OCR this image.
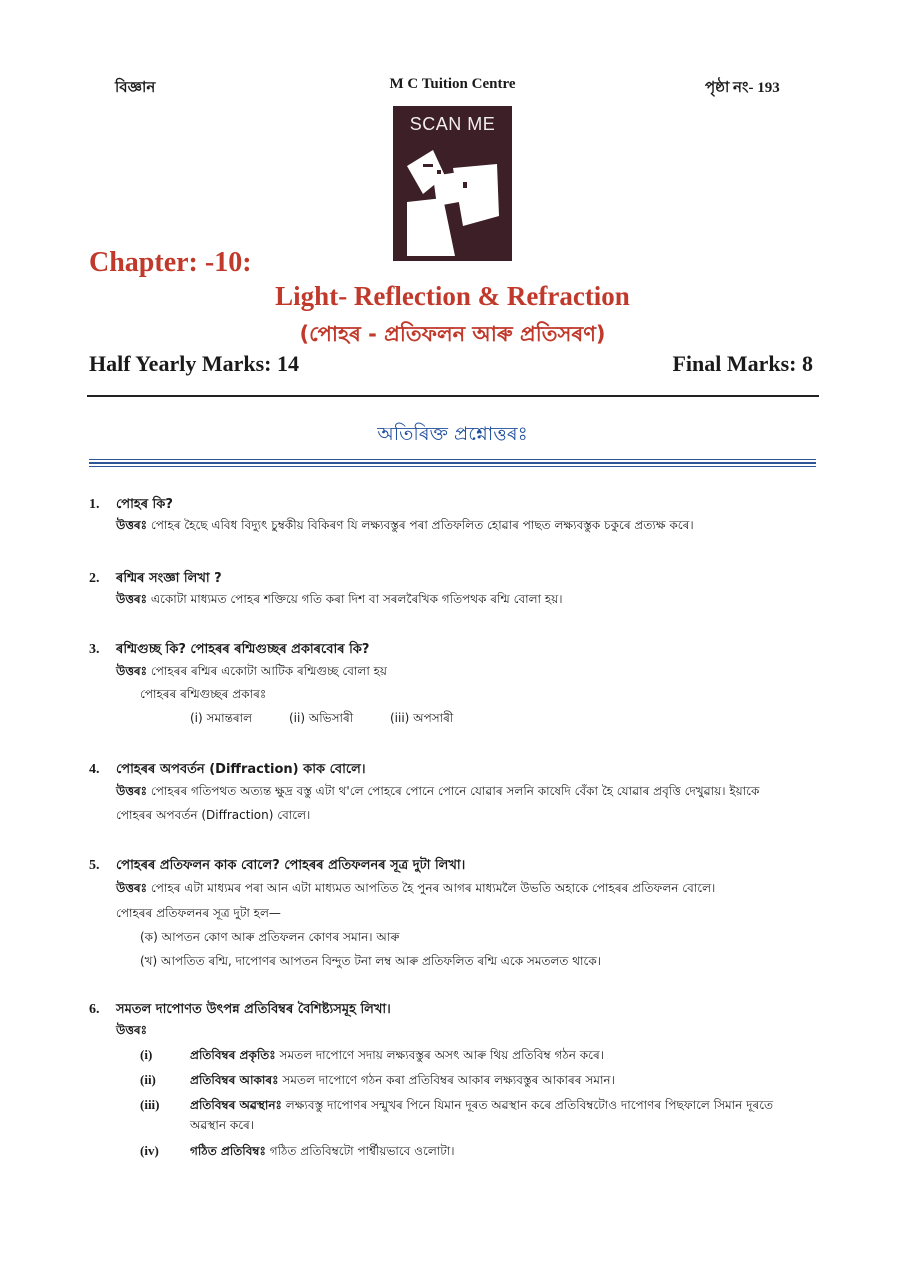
বিজ্ঞান	M C Tuition Centre	পৃষ্ঠা নং- 193
SCAN ME
Chapter: -10:
Light- Reflection & Refraction
(পোহৰ - প্ৰতিফলন আৰু প্ৰতিসৰণ)
Half Yearly Marks: 14	Final Marks: 8
অতিৰিক্ত প্ৰশ্নোত্তৰঃ
1. পোহৰ কি?
উত্তৰঃ পোহৰ হৈছে এবিধ বিদ্যুৎ চুম্বকীয় বিকিৰণ যি লক্ষ্যবস্তুৰ পৰা প্ৰতিফলিত হোৱাৰ পাছত লক্ষ্যবস্তুক চকুৰে প্ৰত্যক্ষ কৰে।
2. ৰশ্মিৰ সংজ্ঞা লিখা ?
উত্তৰঃ একোটা মাধ্যমত পোহৰ শক্তিয়ে গতি কৰা দিশ বা সৰলৰৈখিক গতিপথক ৰশ্মি বোলা হয়।
3. ৰশ্মিগুচ্ছ কি? পোহৰৰ ৰশ্মিগুচ্ছৰ প্ৰকাৰবোৰ কি?
উত্তৰঃ পোহৰৰ ৰশ্মিৰ একোটা আটিক ৰশ্মিগুচ্ছ বোলা হয়
পোহৰৰ ৰশ্মিগুচ্ছৰ প্ৰকাৰঃ
(i) সমান্তৰাল	(ii) অভিসাৰী	(iii) অপসাৰী
4. পোহৰৰ অপবৰ্তন (Diffraction) কাক বোলে।
উত্তৰঃ পোহৰৰ গতিপথত অত্যন্ত ক্ষুদ্ৰ বস্তু এটা থ'লে পোহৰে পোনে পোনে যোৱাৰ সলনি কাষেদি বেঁকা হৈ যোৱাৰ প্ৰবৃত্তি দেখুৱায়। ইয়াকে
পোহৰৰ অপবৰ্তন (Diffraction) বোলে।
5. পোহৰৰ প্ৰতিফলন কাক বোলে? পোহৰৰ প্ৰতিফলনৰ সূত্ৰ দুটা লিখা।
উত্তৰঃ পোহৰ এটা মাধ্যমৰ পৰা আন এটা মাধ্যমত আপতিত হৈ পুনৰ আগৰ মাধ্যমলৈ উভতি অহাকে পোহৰৰ প্ৰতিফলন বোলে।
পোহৰৰ প্ৰতিফলনৰ সূত্ৰ দুটা হল—
(ক) আপতন কোণ আৰু প্ৰতিফলন কোণৰ সমান। আৰু
(খ) আপতিত ৰশ্মি, দাপোণৰ আপতন বিন্দুত টনা লম্ব আৰু প্ৰতিফলিত ৰশ্মি একে সমতলত থাকে।
6. সমতল দাপোণত উৎপন্ন প্ৰতিবিম্বৰ বৈশিষ্ট্যসমূহ লিখা।
উত্তৰঃ
(i)	প্ৰতিবিম্বৰ প্ৰকৃতিঃ সমতল দাপোণে সদায় লক্ষ্যবস্তুৰ অসৎ আৰু থিয় প্ৰতিবিম্ব গঠন কৰে।
(ii)	প্ৰতিবিম্বৰ আকাৰঃ সমতল দাপোণে গঠন কৰা প্ৰতিবিম্বৰ আকাৰ লক্ষ্যবস্তুৰ আকাৰৰ সমান।
(iii)	প্ৰতিবিম্বৰ অৱস্থানঃ লক্ষ্যবস্তু দাপোণৰ সন্মুখৰ পিনে যিমান দূৰত অৱস্থান কৰে প্ৰতিবিম্বটোও দাপোণৰ পিছফালে সিমান দূৰতে
অৱস্থান কৰে।
(iv)	গঠিত প্ৰতিবিম্বঃ গঠিত প্ৰতিবিম্বটো পাৰ্শ্বীয়ভাবে ওলোটা।
